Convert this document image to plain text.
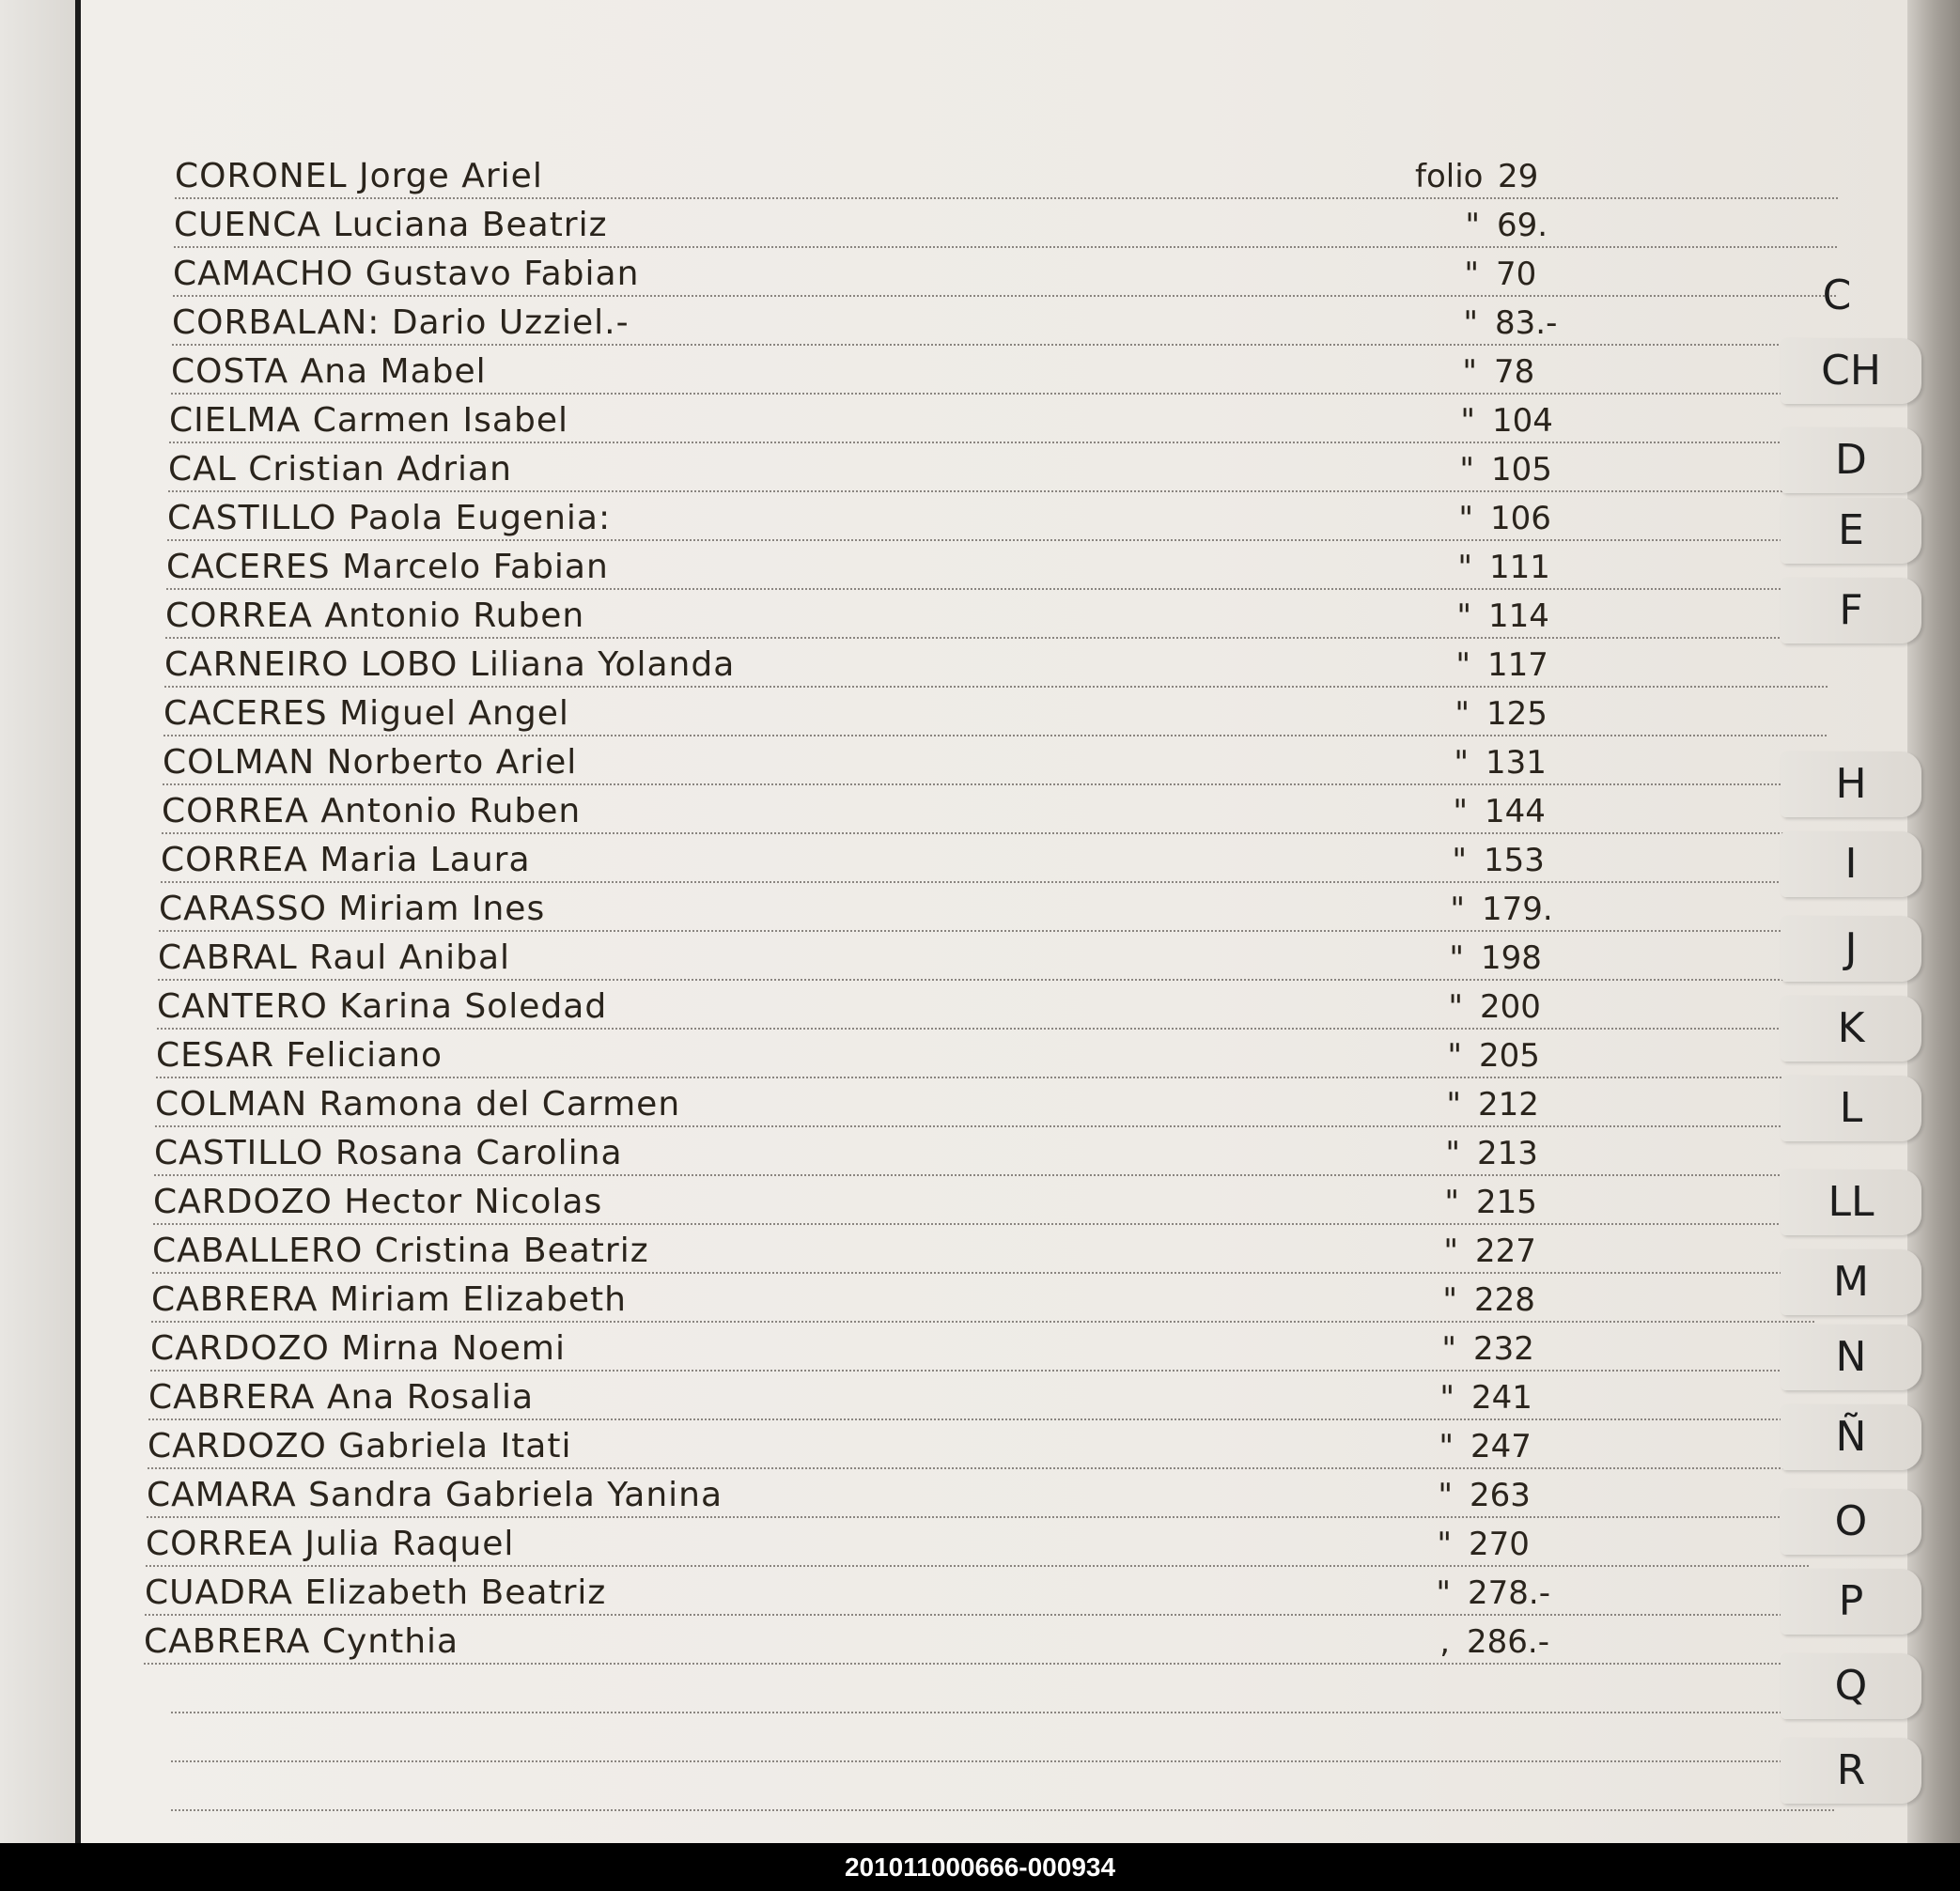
CORONEL Jorge Ariel	folio 29
CUENCA Luciana Beatriz	" 69.
CAMACHO Gustavo Fabian	" 70
CORBALAN: Dario Uzziel.-	" 83.-
COSTA Ana Mabel	" 78
CIELMA Carmen Isabel	" 104
CAL Cristian Adrian	" 105
CASTILLO Paola Eugenia:	" 106
CACERES Marcelo Fabian	" 111
CORREA Antonio Ruben	" 114
CARNEIRO LOBO Liliana Yolanda	" 117
CACERES Miguel Angel	" 125
COLMAN Norberto Ariel	" 131
CORREA Antonio Ruben	" 144
CORREA Maria Laura	" 153
CARASSO Miriam Ines	" 179.
CABRAL Raul Anibal	" 198
CANTERO Karina Soledad	" 200
CESAR Feliciano	" 205
COLMAN Ramona del Carmen	" 212
CASTILLO Rosana Carolina	" 213
CARDOZO Hector Nicolas	" 215
CABALLERO Cristina Beatriz	" 227
CABRERA Miriam Elizabeth	" 228
CARDOZO Mirna Noemi	" 232
CABRERA Ana Rosalia	" 241
CARDOZO Gabriela Itati	" 247
CAMARA Sandra Gabriela Yanina	" 263
CORREA Julia Raquel	" 270
CUADRA Elizabeth Beatriz	" 278.-
CABRERA Cynthia	, 286.-
C
CH
D
E
F
H
I
J
K
L
LL
M
N
Ñ
O
P
Q
R
201011000666-000934
